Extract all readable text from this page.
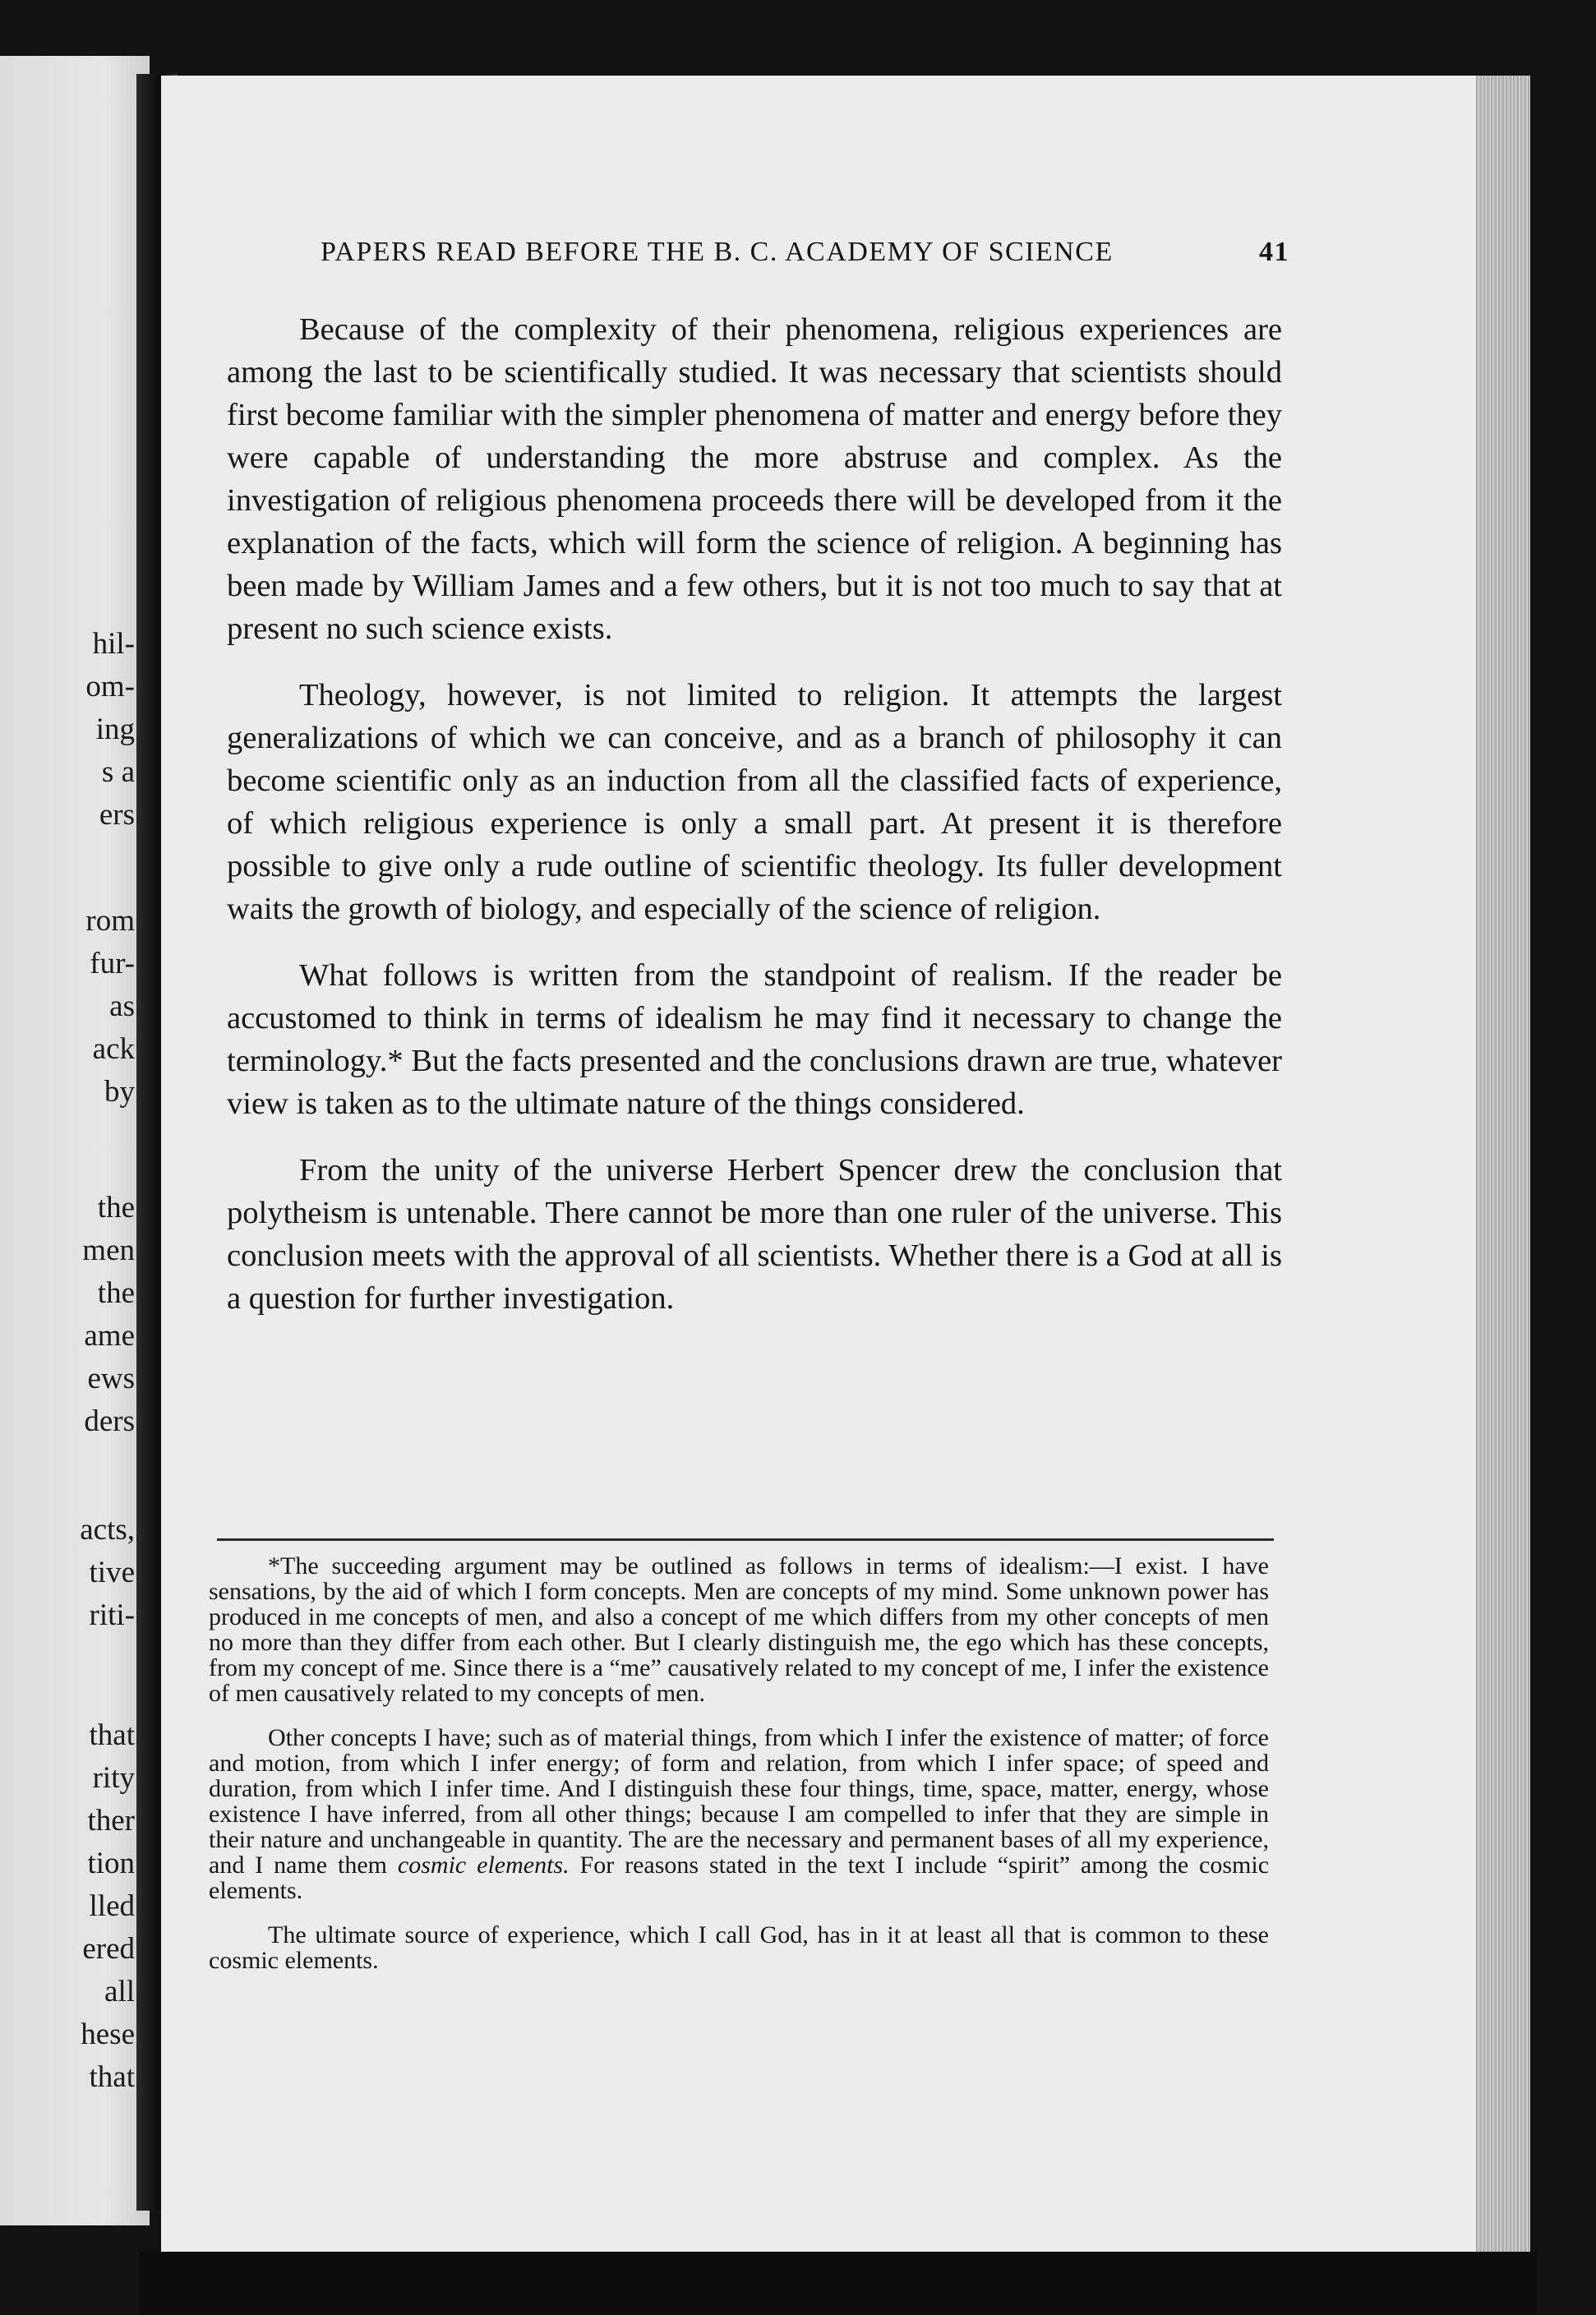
hil-
om-
ing
s a
ers
rom
fur-
as
ack
by
the
men
the
ame
ews
ders
acts,
tive
riti-
that
rity
ther
tion
lled
ered
all
hese
that
PAPERS READ BEFORE THE B. C. ACADEMY OF SCIENCE	41

Because of the complexity of their phenomena, religious experiences are among the last to be scientifically studied. It was necessary that scientists should first become familiar with the simpler phenomena of matter and energy before they were capable of understanding the more abstruse and complex. As the investigation of religious phenomena proceeds there will be developed from it the explanation of the facts, which will form the science of religion. A beginning has been made by William James and a few others, but it is not too much to say that at present no such science exists.

Theology, however, is not limited to religion. It attempts the largest generalizations of which we can conceive, and as a branch of philosophy it can become scientific only as an induction from all the classified facts of experience, of which religious experience is only a small part. At present it is therefore possible to give only a rude outline of scientific theology. Its fuller development waits the growth of biology, and especially of the science of religion.

What follows is written from the standpoint of realism. If the reader be accustomed to think in terms of idealism he may find it necessary to change the terminology.* But the facts presented and the conclusions drawn are true, whatever view is taken as to the ultimate nature of the things considered.

From the unity of the universe Herbert Spencer drew the conclusion that polytheism is untenable. There cannot be more than one ruler of the universe. This conclusion meets with the approval of all scientists. Whether there is a God at all is a question for further investigation.

*The succeeding argument may be outlined as follows in terms of idealism:—I exist. I have sensations, by the aid of which I form concepts. Men are concepts of my mind. Some unknown power has produced in me concepts of men, and also a concept of me which differs from my other concepts of men no more than they differ from each other. But I clearly distinguish me, the ego which has these concepts, from my concept of me. Since there is a “me” causatively related to my concept of me, I infer the existence of men causatively related to my concepts of men.

Other concepts I have; such as of material things, from which I infer the existence of matter; of force and motion, from which I infer energy; of form and relation, from which I infer space; of speed and duration, from which I infer time. And I distinguish these four things, time, space, matter, energy, whose existence I have inferred, from all other things; because I am compelled to infer that they are simple in their nature and unchangeable in quantity. The are the necessary and permanent bases of all my experience, and I name them cosmic elements. For reasons stated in the text I include “spirit” among the cosmic elements.

The ultimate source of experience, which I call God, has in it at least all that is common to these cosmic elements.
